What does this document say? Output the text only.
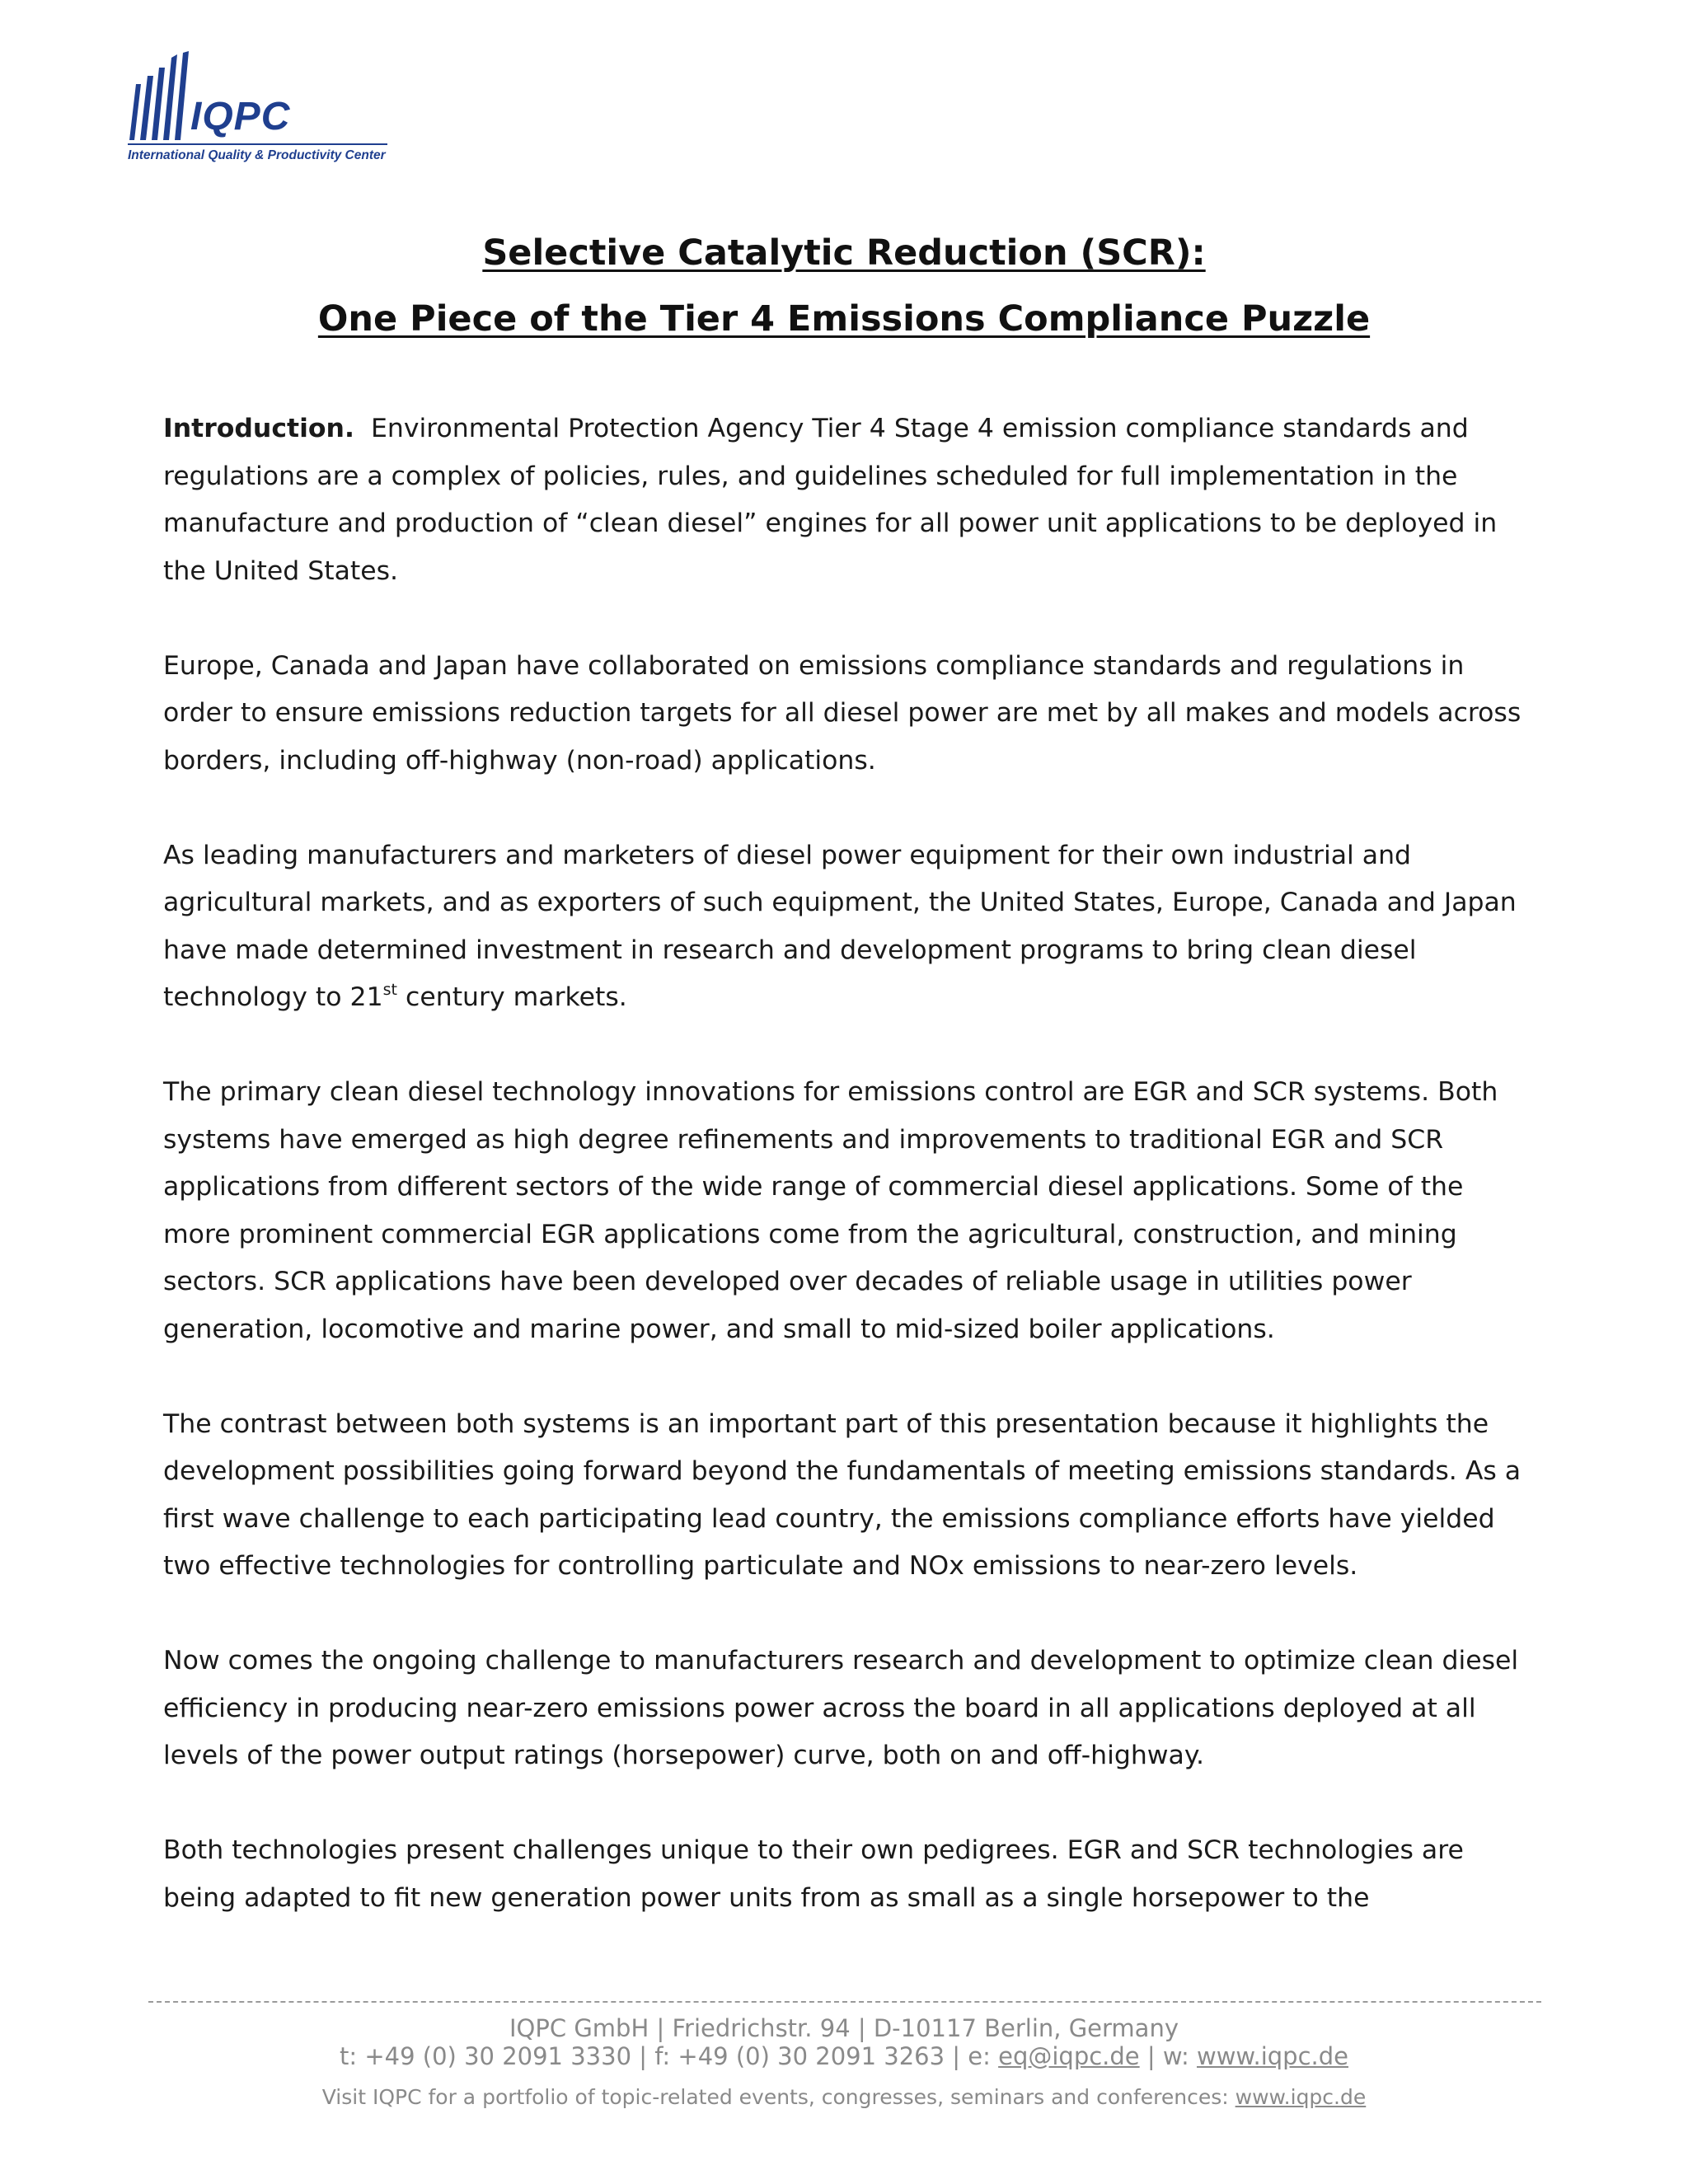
IQPC
International Quality & Productivity Center
Selective Catalytic Reduction (SCR):
One Piece of the Tier 4 Emissions Compliance Puzzle

Introduction. Environmental Protection Agency Tier 4 Stage 4 emission compliance standards and regulations are a complex of policies, rules, and guidelines scheduled for full implementation in the manufacture and production of “clean diesel” engines for all power unit applications to be deployed in the United States.

Europe, Canada and Japan have collaborated on emissions compliance standards and regulations in order to ensure emissions reduction targets for all diesel power are met by all makes and models across borders, including off-highway (non-road) applications.

As leading manufacturers and marketers of diesel power equipment for their own industrial and agricultural markets, and as exporters of such equipment, the United States, Europe, Canada and Japan have made determined investment in research and development programs to bring clean diesel technology to 21st century markets.

The primary clean diesel technology innovations for emissions control are EGR and SCR systems. Both systems have emerged as high degree refinements and improvements to traditional EGR and SCR applications from different sectors of the wide range of commercial diesel applications. Some of the more prominent commercial EGR applications come from the agricultural, construction, and mining sectors. SCR applications have been developed over decades of reliable usage in utilities power generation, locomotive and marine power, and small to mid-sized boiler applications.

The contrast between both systems is an important part of this presentation because it highlights the development possibilities going forward beyond the fundamentals of meeting emissions standards. As a first wave challenge to each participating lead country, the emissions compliance efforts have yielded two effective technologies for controlling particulate and NOx emissions to near-zero levels.

Now comes the ongoing challenge to manufacturers research and development to optimize clean diesel efficiency in producing near-zero emissions power across the board in all applications deployed at all levels of the power output ratings (horsepower) curve, both on and off-highway.

Both technologies present challenges unique to their own pedigrees. EGR and SCR technologies are being adapted to fit new generation power units from as small as a single horsepower to the

IQPC GmbH | Friedrichstr. 94 | D-10117 Berlin, Germany
t: +49 (0) 30 2091 3330 | f: +49 (0) 30 2091 3263 | e: eq@iqpc.de | w: www.iqpc.de
Visit IQPC for a portfolio of topic-related events, congresses, seminars and conferences: www.iqpc.de
